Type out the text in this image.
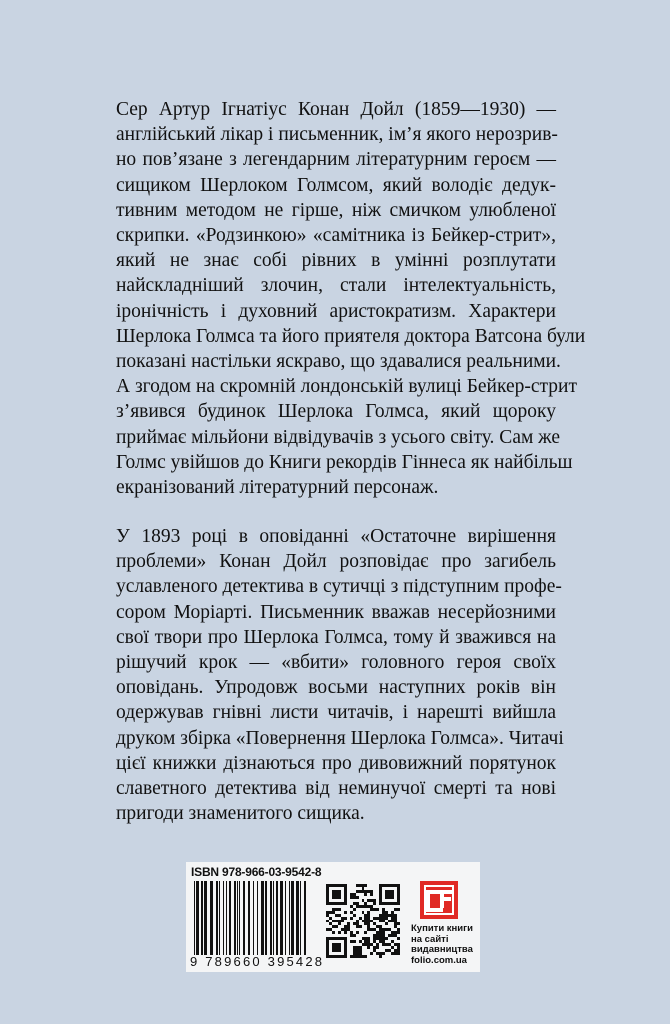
Сер Артур Ігнатіус Конан Дойл (1859—1930) —
англійський лікар і письменник, ім’я якого нерозрив-
но пов’язане з легендарним літературним героєм —
сищиком Шерлоком Голмсом, який володіє дедук-
тивним методом не гірше, ніж смичком улюбленої
скрипки. «Родзинкою» «самітника із Бейкер-стрит»,
який не знає собі рівних в умінні розплутати
найскладніший злочин, стали інтелектуальність,
іронічність і духовний аристократизм. Характери
Шерлока Голмса та його приятеля доктора Ватсона були
показані настільки яскраво, що здавалися реальними.
А згодом на скромній лондонській вулиці Бейкер-стрит
з’явився будинок Шерлока Голмса, який щороку
приймає мільйони відвідувачів з усього світу. Сам же
Голмс увійшов до Книги рекордів Гіннеса як найбільш
екранізований літературний персонаж.
У 1893 році в оповіданні «Остаточне вирішення
проблеми» Конан Дойл розповідає про загибель
уславленого детектива в сутичці з підступним профе-
сором Моріарті. Письменник вважав несерйозними
свої твори про Шерлока Голмса, тому й зважився на
рішучий крок — «вбити» головного героя своїх
оповідань. Упродовж восьми наступних років він
одержував гнівні листи читачів, і нарешті вийшла
друком збірка «Повернення Шерлока Голмса». Читачі
цієї книжки дізнаються про дивовижний порятунок
славетного детектива від неминучої смерті та нові
пригоди знаменитого сищика.
ISBN 978-966-03-9542-8
9 789660 395428
Купити книги
на сайті
видавництва
folio.com.ua
